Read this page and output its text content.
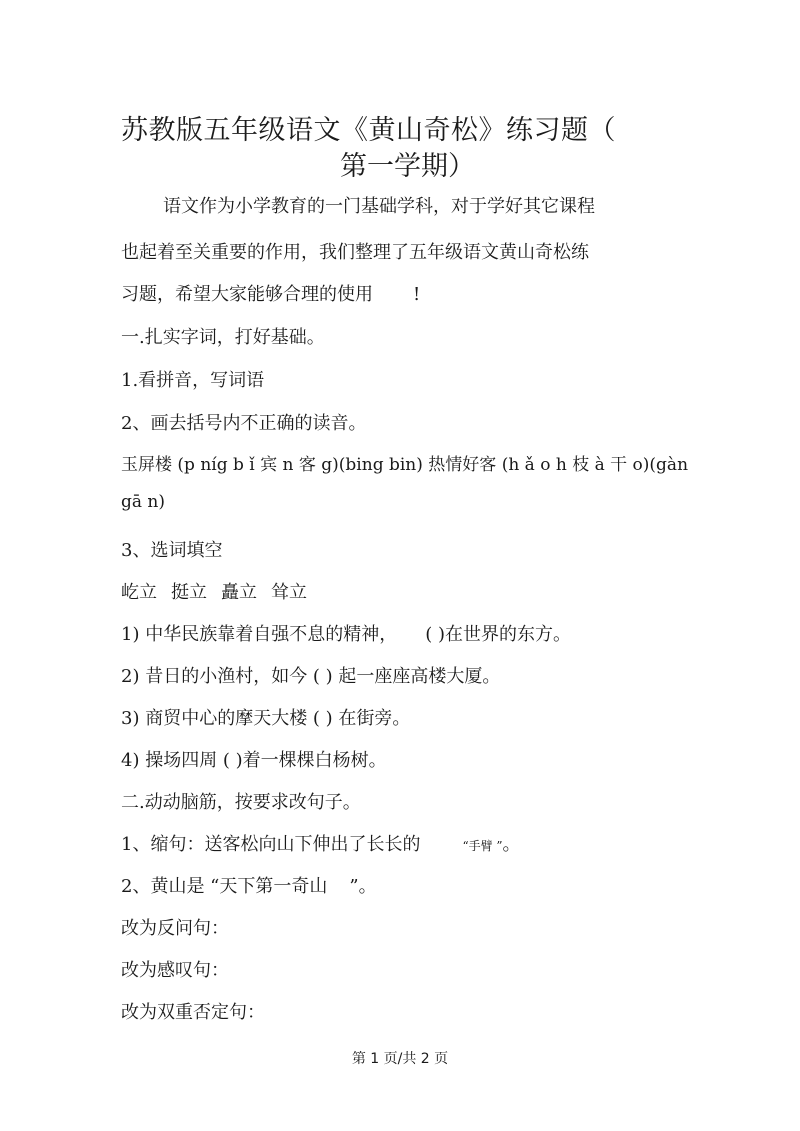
苏教版五年级语文《黄山奇松》练习题（
第一学期）
语文作为小学教育的一门基础学科，对于学好其它课程
也起着至关重要的作用，我们整理了五年级语文黄山奇松练
习题，希望大家能够合理的使用 !
一.扎实字词，打好基础。
1.看拼音，写词语
2、画去括号内不正确的读音。
玉屏楼 (p níg b ǐ 宾 n 客 g)(bing bin) 热情好客 (h ǎ o h 枝 à 干 o)(gàn
gā n)
3、选词填空
屹立 挺立 矗立 耸立
1) 中华民族靠着自强不息的精神， ( )在世界的东方。
2) 昔日的小渔村，如今 ( ) 起一座座高楼大厦。
3) 商贸中心的摩天大楼 ( ) 在街旁。
4) 操场四周 ( )着一棵棵白杨树。
二.动动脑筋，按要求改句子。
1、缩句：送客松向山下伸出了长长的	“手臂 ”。
2、黄山是 “天下第一奇山 ”。
改为反问句：
改为感叹句：
改为双重否定句：
第 1 页/共 2 页
